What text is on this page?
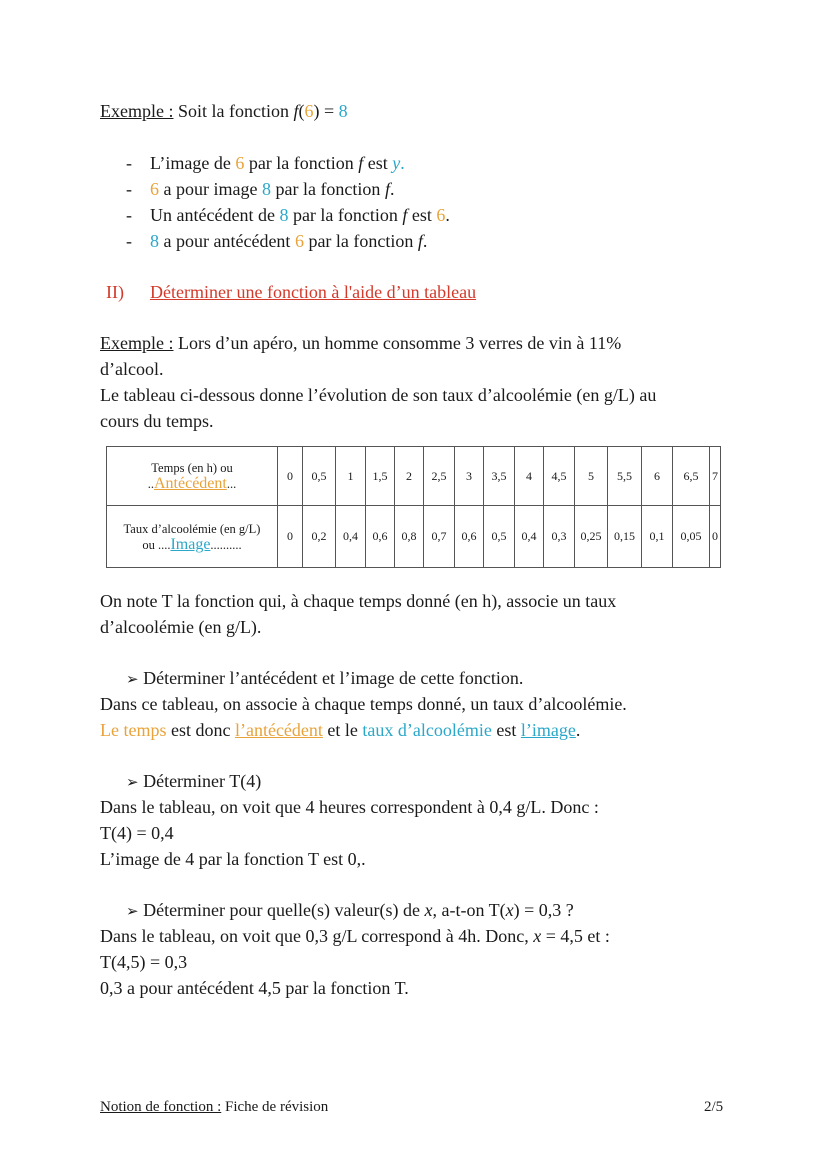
Exemple : Soit la fonction f(6) = 8
- L’image de 6 par la fonction f est y.
- 6 a pour image 8 par la fonction f.
- Un antécédent de 8 par la fonction f est 6.
- 8 a pour antécédent 6 par la fonction f.
II) Déterminer une fonction à l'aide d’un tableau
Exemple : Lors d’un apéro, un homme consomme 3 verres de vin à 11%
d’alcool.
Le tableau ci-dessous donne l’évolution de son taux d’alcoolémie (en g/L) au
cours du temps.
Temps (en h) ou
..Antécédent...	0	0,5	1	1,5	2	2,5	3	3,5	4	4,5	5	5,5	6	6,5	7

Taux d’alcoolémie (en g/L)
ou ....Image..........	0	0,2	0,4	0,6	0,8	0,7	0,6	0,5	0,4	0,3	0,25	0,15	0,1	0,05	0
On note T la fonction qui, à chaque temps donné (en h), associe un taux
d’alcoolémie (en g/L).
➢ Déterminer l’antécédent et l’image de cette fonction.
Dans ce tableau, on associe à chaque temps donné, un taux d’alcoolémie.
Le temps est donc l’antécédent et le taux d’alcoolémie est l’image.
➢ Déterminer T(4)
Dans le tableau, on voit que 4 heures correspondent à 0,4 g/L. Donc :
T(4) = 0,4
L’image de 4 par la fonction T est 0,.
➢ Déterminer pour quelle(s) valeur(s) de x, a-t-on T(x) = 0,3 ?
Dans le tableau, on voit que 0,3 g/L correspond à 4h. Donc, x = 4,5 et :
T(4,5) = 0,3
0,3 a pour antécédent 4,5 par la fonction T.
Notion de fonction : Fiche de révision	2/5
